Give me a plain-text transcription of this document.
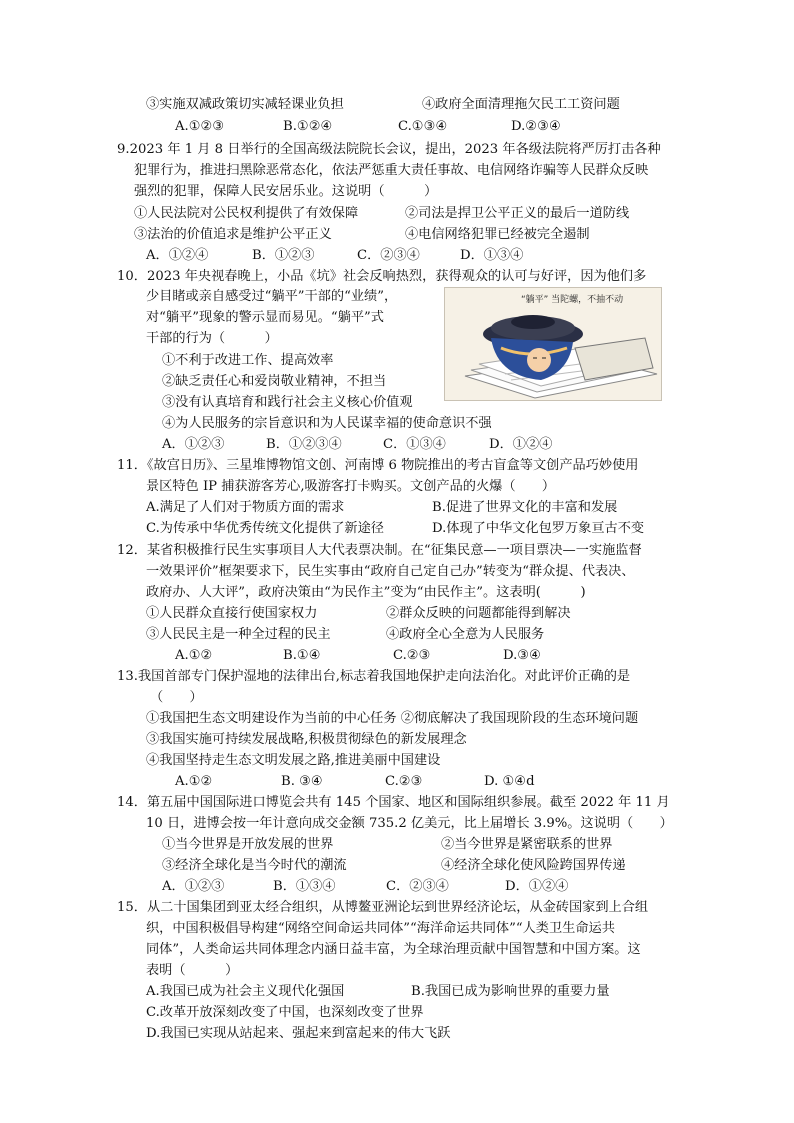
③实施双减政策切实减轻课业负担	④政府全面清理拖欠民工工资问题
A.①②③	B.①②④	C.①③④	D.②③④
9.2023 年 1 月 8 日举行的全国高级法院院长会议，提出，2023 年各级法院将严厉打击各种
犯罪行为，推进扫黑除恶常态化，依法严惩重大责任事故、电信网络诈骗等人民群众反映
强烈的犯罪，保障人民安居乐业。这说明（　　　）
①人民法院对公民权利提供了有效保障	②司法是捍卫公平正义的最后一道防线
③法治的价值追求是维护公平正义	④电信网络犯罪已经被完全遏制
A．①②④	B．①②③	C．②③④	D．①③④
10．2023 年央视春晚上，小品《坑》社会反响热烈，获得观众的认可与好评，因为他们多
少目睹或亲自感受过“躺平”干部的“业绩”，
对“躺平”现象的警示显而易见。“躺平”式
干部的行为（　　　）
①不利于改进工作、提高效率
②缺乏责任心和爱岗敬业精神，不担当
③没有认真培育和践行社会主义核心价值观
④为人民服务的宗旨意识和为人民谋幸福的使命意识不强
A．①②③	B．①②③④	C．①③④	D．①②④
“躺平” 当陀螺，不抽不动
11．《故宫日历》、三星堆博物馆文创、河南博 6 物院推出的考古盲盒等文创产品巧妙使用
景区特色 IP 捕获游客芳心,吸游客打卡购买。文创产品的火爆（　　）
A.满足了人们对于物质方面的需求	B.促进了世界文化的丰富和发展
C.为传承中华优秀传统文化提供了新途径	D.体现了中华文化包罗万象亘古不变
12．某省积极推行民生实事项目人大代表票决制。在“征集民意—一项目票决—一实施监督
一效果评价”框架要求下，民生实事由“政府自己定自己办”转变为“群众提、代表决、
政府办、人大评”，政府决策由“为民作主”变为“由民作主”。这表明(　　　)
①人民群众直接行使国家权力	②群众反映的问题都能得到解决
③人民民主是一种全过程的民主	④政府全心全意为人民服务
A.①②	B.①④	C.②③	D.③④
13.我国首部专门保护湿地的法律出台,标志着我国地保护走向法治化。对此评价正确的是
（　　）
①我国把生态文明建设作为当前的中心任务 ②彻底解决了我国现阶段的生态环境问题
③我国实施可持续发展战略,积极贯彻绿色的新发展理念
④我国坚持走生态文明发展之路,推进美丽中国建设
A.①②	B. ③④	C.②③	D. ①④d
14．第五届中国国际进口博览会共有 145 个国家、地区和国际组织参展。截至 2022 年 11 月
10 日，进博会按一年计意向成交金额 735.2 亿美元，比上届增长 3.9%。这说明（　　）
①当今世界是开放发展的世界	②当今世界是紧密联系的世界
③经济全球化是当今时代的潮流	④经济全球化使风险跨国界传递
A．①②③	B．①③④	C．②③④	D．①②④
15．从二十国集团到亚太经合组织，从博鳌亚洲论坛到世界经济论坛，从金砖国家到上合组
织，中国积极倡导构建“网络空间命运共同体”“海洋命运共同体”“人类卫生命运共
同体”，人类命运共同体理念内涵日益丰富，为全球治理贡献中国智慧和中国方案。这
表明（　　　）
A.我国已成为社会主义现代化强国	B.我国已成为影响世界的重要力量
C.改革开放深刻改变了中国，也深刻改变了世界
D.我国已实现从站起来、强起来到富起来的伟大飞跃
